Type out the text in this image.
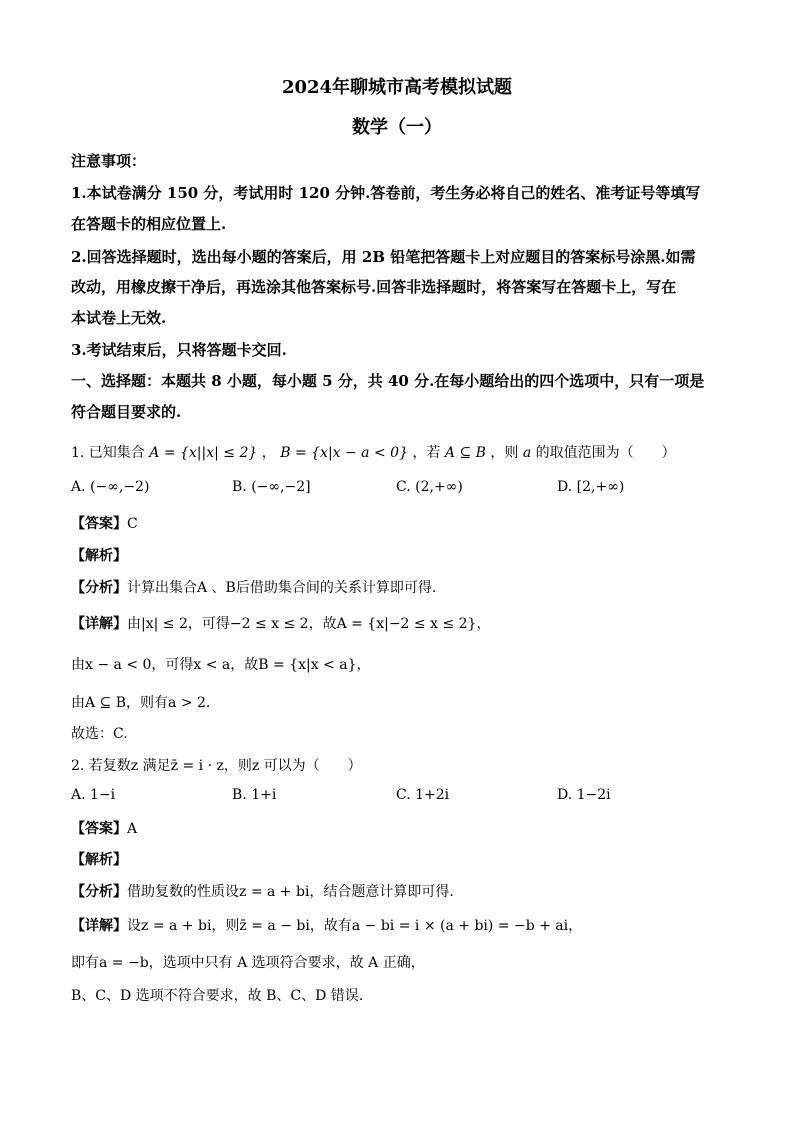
2024年聊城市高考模拟试题
数学（一）
注意事项：
1.本试卷满分 150 分，考试用时 120 分钟.答卷前，考生务必将自己的姓名、准考证号等填写
在答题卡的相应位置上.
2.回答选择题时，选出每小题的答案后，用 2B 铅笔把答题卡上对应题目的答案标号涂黑.如需
改动，用橡皮擦干净后，再选涂其他答案标号.回答非选择题时，将答案写在答题卡上，写在
本试卷上无效.
3.考试结束后，只将答题卡交回.
一、选择题：本题共 8 小题，每小题 5 分，共 40 分.在每小题给出的四个选项中，只有一项是
符合题目要求的.
1. 已知集合 A = {x||x| ≤ 2} ， B = {x|x − a < 0} ，若 A ⊆ B ，则 a 的取值范围为（　　）
A. (−∞,−2)	B. (−∞,−2]	C. (2,+∞)	D. [2,+∞)
【答案】C
【解析】
【分析】计算出集合A 、B后借助集合间的关系计算即可得.
【详解】由|x| ≤ 2，可得−2 ≤ x ≤ 2，故A = {x|−2 ≤ x ≤ 2}，
由x − a < 0，可得x < a，故B = {x|x < a}，
由A ⊆ B，则有a > 2.
故选：C.
2. 若复数z 满足z̄ = i · z，则z 可以为（　　）
A. 1−i	B. 1+i	C. 1+2i	D. 1−2i
【答案】A
【解析】
【分析】借助复数的性质设z = a + bi，结合题意计算即可得.
【详解】设z = a + bi，则z̄ = a − bi，故有a − bi = i × (a + bi) = −b + ai，
即有a = −b，选项中只有 A 选项符合要求，故 A 正确，
B、C、D 选项不符合要求，故 B、C、D 错误.
